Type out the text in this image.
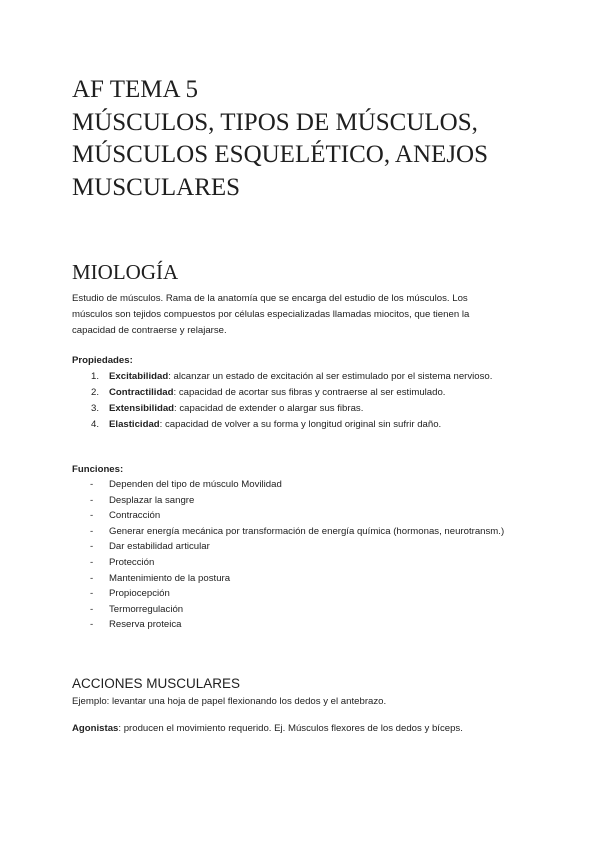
AF TEMA 5
MÚSCULOS, TIPOS DE MÚSCULOS,
MÚSCULOS ESQUELÉTICO, ANEJOS
MUSCULARES
MIOLOGÍA

Estudio de músculos. Rama de la anatomía que se encarga del estudio de los músculos. Los
músculos son tejidos compuestos por células especializadas llamadas miocitos, que tienen la
capacidad de contraerse y relajarse.

Propiedades:

1. Excitabilidad: alcanzar un estado de excitación al ser estimulado por el sistema nervioso.
2. Contractilidad: capacidad de acortar sus fibras y contraerse al ser estimulado.
3. Extensibilidad: capacidad de extender o alargar sus fibras.
4. Elasticidad: capacidad de volver a su forma y longitud original sin sufrir daño.

Funciones:

- Dependen del tipo de músculo Movilidad
- Desplazar la sangre
- Contracción
- Generar energía mecánica por transformación de energía química (hormonas, neurotransm.)
- Dar estabilidad articular
- Protección
- Mantenimiento de la postura
- Propiocepción
- Termorregulación
- Reserva proteica
ACCIONES MUSCULARES

Ejemplo: levantar una hoja de papel flexionando los dedos y el antebrazo.

Agonistas: producen el movimiento requerido. Ej. Músculos flexores de los dedos y bíceps.
